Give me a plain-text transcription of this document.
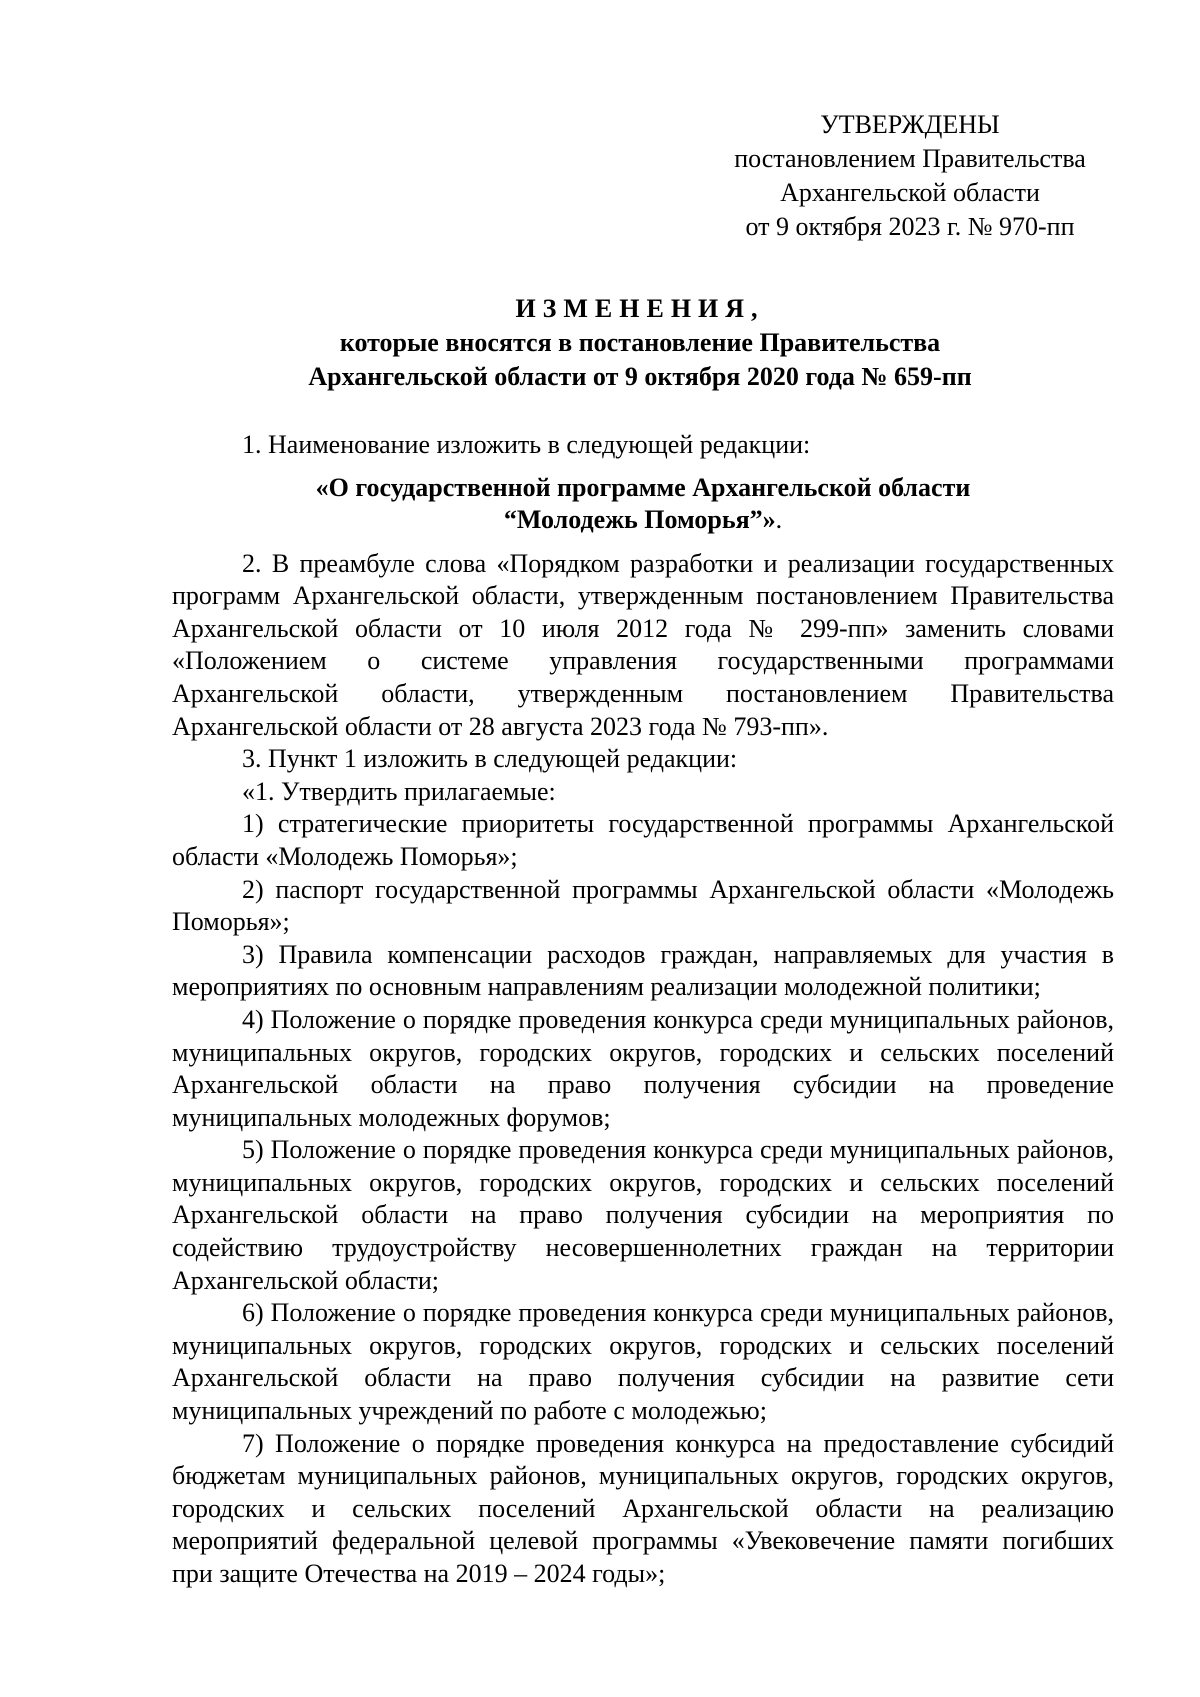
УТВЕРЖДЕНЫ
постановлением Правительства
Архангельской области
от 9 октября 2023 г. № 970-пп
ИЗМЕНЕНИЯ,
которые вносятся в постановление Правительства
Архангельской области от 9 октября 2020 года № 659-пп

1. Наименование изложить в следующей редакции:

«О государственной программе Архангельской области
“Молодежь Поморья”».

2. В преамбуле слова «Порядком разработки и реализации государственных программ Архангельской области, утвержденным постановлением Правительства Архангельской области от 10 июля 2012 года № 299-пп» заменить словами «Положением о системе управления государственными программами Архангельской области, утвержденным постановлением Правительства Архангельской области от 28 августа 2023 года № 793-пп».

3. Пункт 1 изложить в следующей редакции:

«1. Утвердить прилагаемые:

1) стратегические приоритеты государственной программы Архангельской области «Молодежь Поморья»;

2) паспорт государственной программы Архангельской области «Молодежь Поморья»;

3) Правила компенсации расходов граждан, направляемых для участия в мероприятиях по основным направлениям реализации молодежной политики;

4) Положение о порядке проведения конкурса среди муниципальных районов, муниципальных округов, городских округов, городских и сельских поселений Архангельской области на право получения субсидии на проведение муниципальных молодежных форумов;

5) Положение о порядке проведения конкурса среди муниципальных районов, муниципальных округов, городских округов, городских и сельских поселений Архангельской области на право получения субсидии на мероприятия по содействию трудоустройству несовершеннолетних граждан на территории Архангельской области;

6) Положение о порядке проведения конкурса среди муниципальных районов, муниципальных округов, городских округов, городских и сельских поселений Архангельской области на право получения субсидии на развитие сети муниципальных учреждений по работе с молодежью;

7) Положение о порядке проведения конкурса на предоставление субсидий бюджетам муниципальных районов, муниципальных округов, городских округов, городских и сельских поселений Архангельской области на реализацию мероприятий федеральной целевой программы «Увековечение памяти погибших при защите Отечества на 2019 – 2024 годы»;
